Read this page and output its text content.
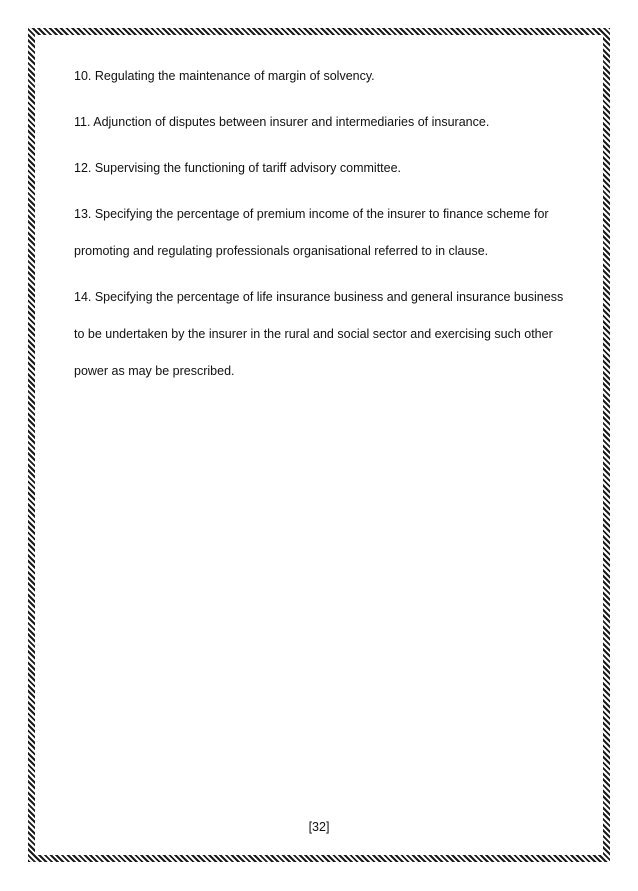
10. Regulating the maintenance of margin of solvency.

11. Adjunction of disputes between insurer and intermediaries of insurance.

12. Supervising the functioning of tariff advisory committee.

13. Specifying the percentage of premium income of the insurer to finance scheme for
promoting and regulating professionals organisational referred to in clause.

14. Specifying the percentage of life insurance business and general insurance business
to be undertaken by the insurer in the rural and social sector and exercising such other
power as may be prescribed.

[32]
